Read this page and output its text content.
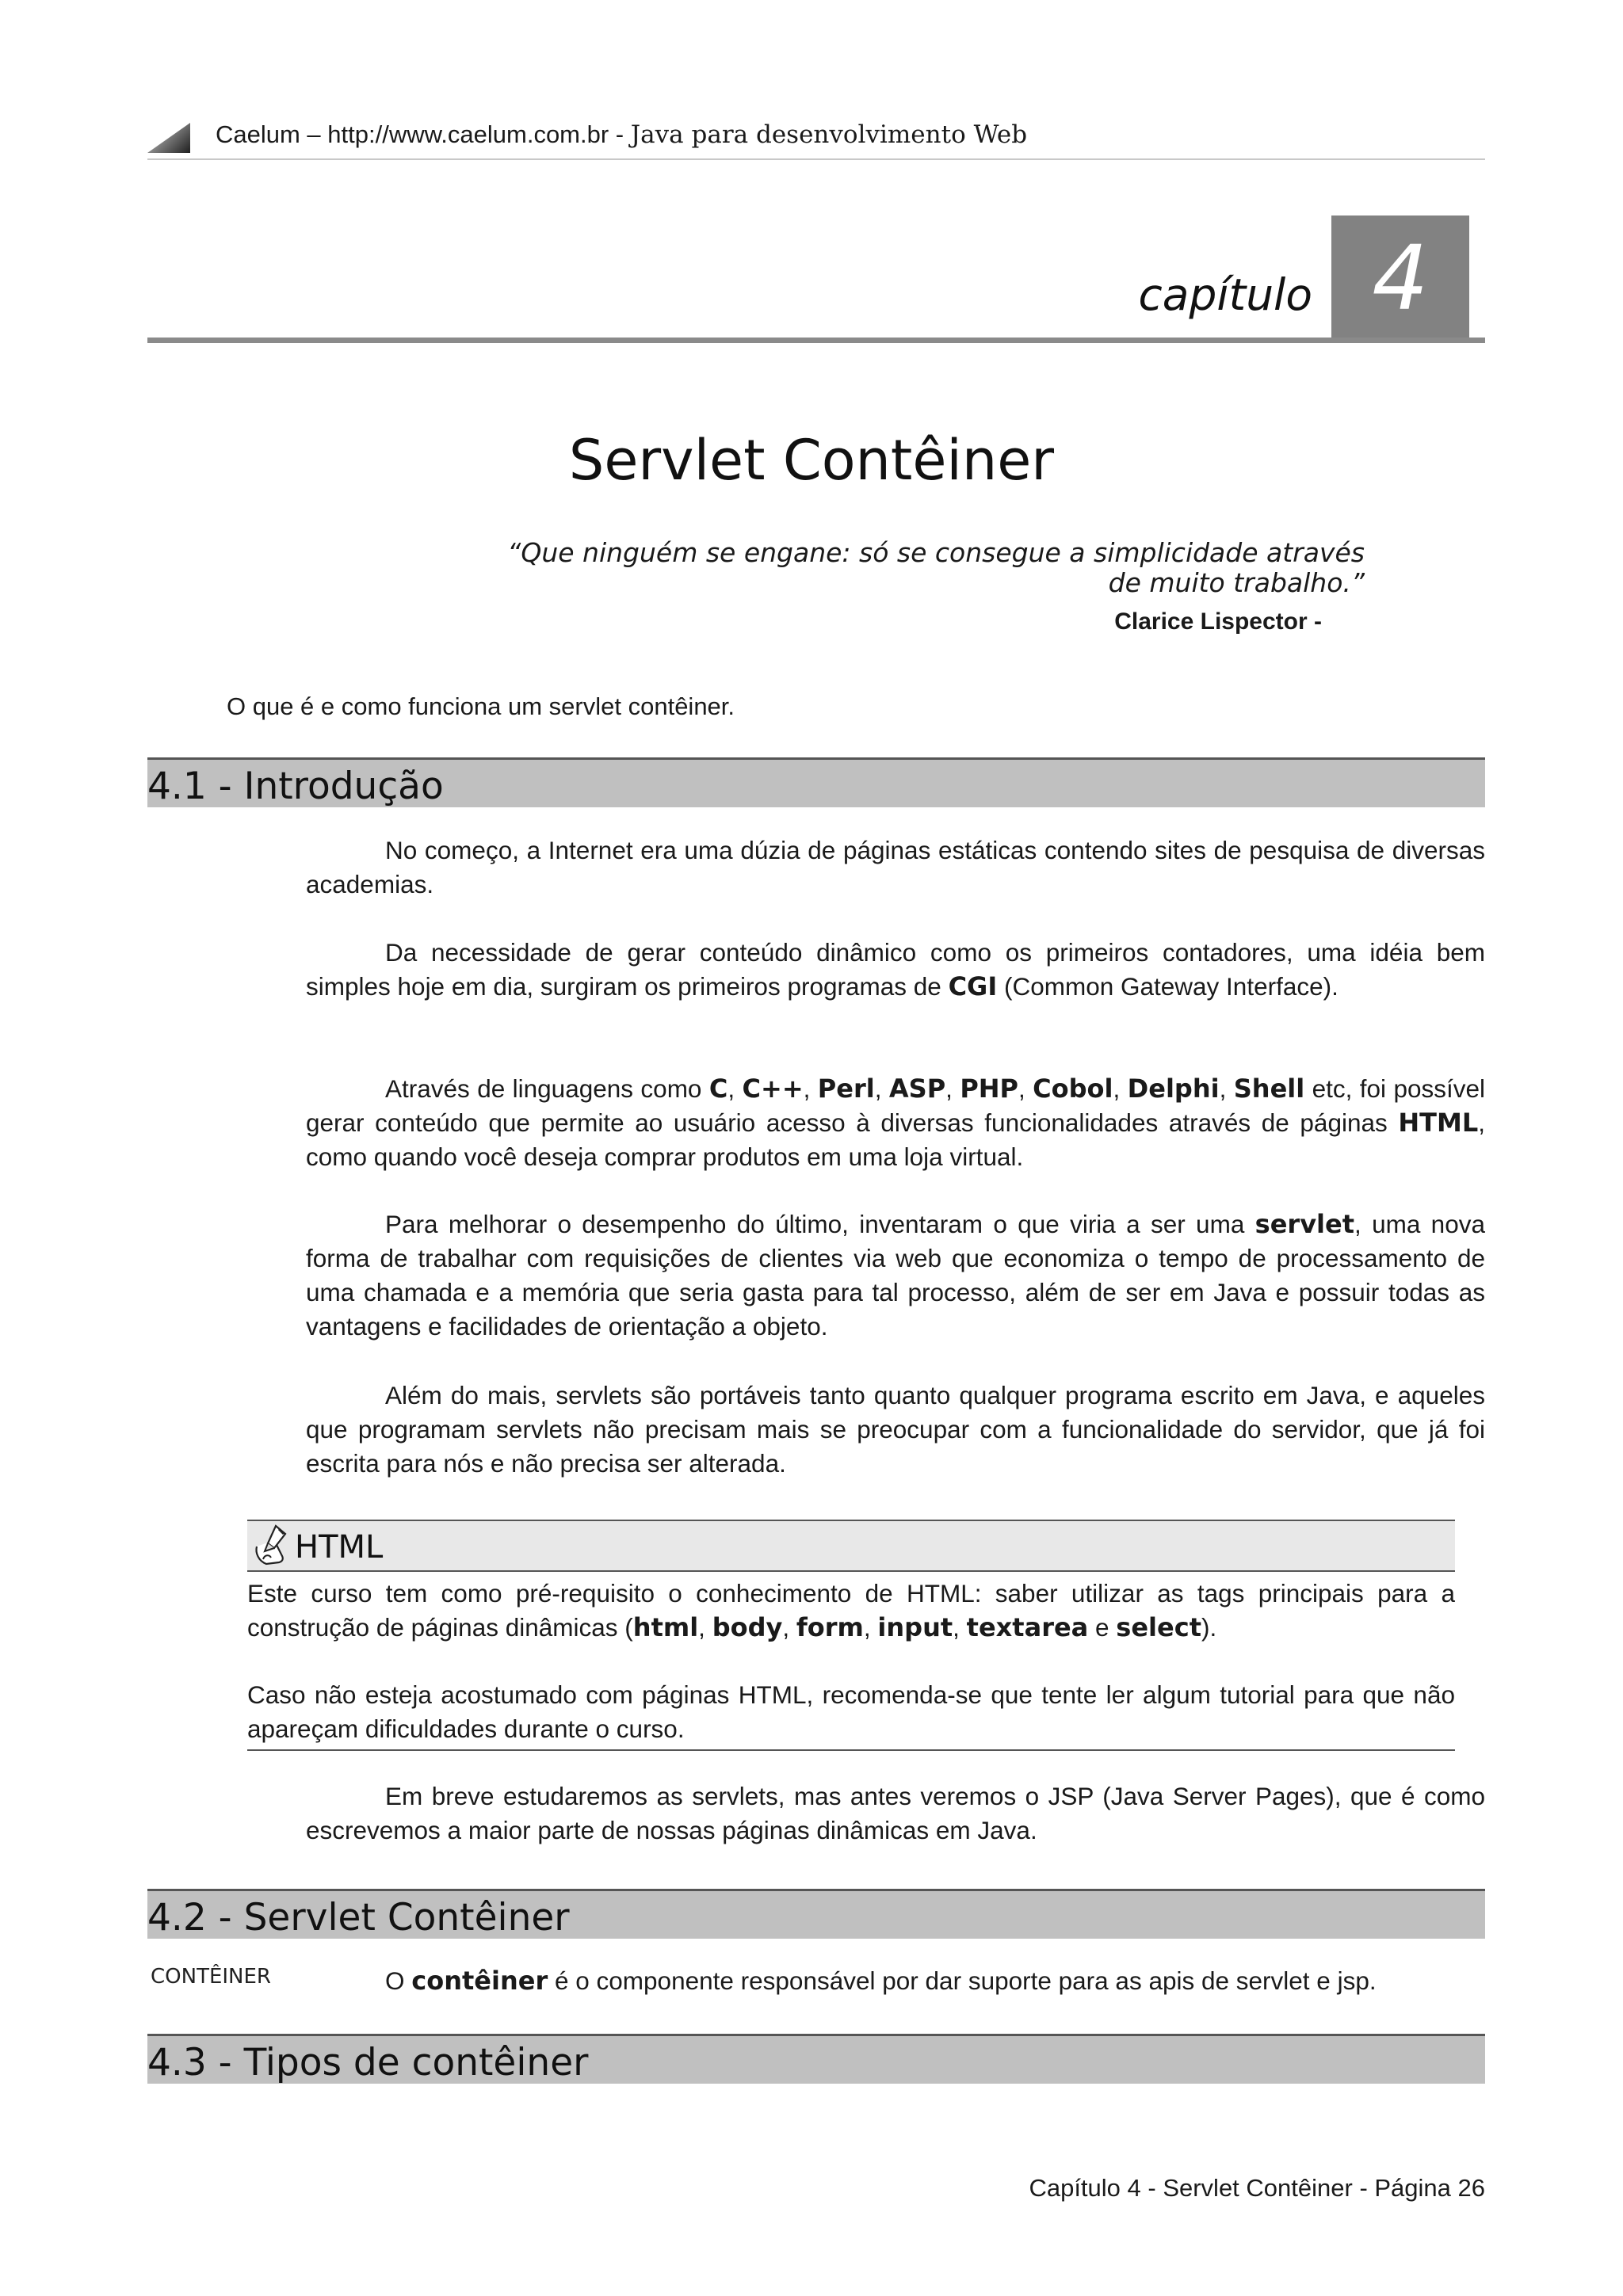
Caelum – http://www.caelum.com.br - Java para desenvolvimento Web
capítulo 4
Servlet Contêiner
“Que ninguém se engane: só se consegue a simplicidade através
de muito trabalho.”
Clarice Lispector -
O que é e como funciona um servlet contêiner.
4.1 - Introdução

No começo, a Internet era uma dúzia de páginas estáticas contendo sites de pesquisa de diversas academias.

Da necessidade de gerar conteúdo dinâmico como os primeiros contadores, uma idéia bem simples hoje em dia, surgiram os primeiros programas de CGI (Common Gateway Interface).

Através de linguagens como C, C++, Perl, ASP, PHP, Cobol, Delphi, Shell etc, foi possível gerar conteúdo que permite ao usuário acesso à diversas funcionalidades através de páginas HTML, como quando você deseja comprar produtos em uma loja virtual.

Para melhorar o desempenho do último, inventaram o que viria a ser uma servlet, uma nova forma de trabalhar com requisições de clientes via web que economiza o tempo de processamento de uma chamada e a memória que seria gasta para tal processo, além de ser em Java e possuir todas as vantagens e facilidades de orientação a objeto.

Além do mais, servlets são portáveis tanto quanto qualquer programa escrito em Java, e aqueles que programam servlets não precisam mais se preocupar com a funcionalidade do servidor, que já foi escrita para nós e não precisa ser alterada.

HTML

Este curso tem como pré-requisito o conhecimento de HTML: saber utilizar as tags principais para a construção de páginas dinâmicas (html, body, form, input, textarea e select).

Caso não esteja acostumado com páginas HTML, recomenda-se que tente ler algum tutorial para que não apareçam dificuldades durante o curso.

Em breve estudaremos as servlets, mas antes veremos o JSP (Java Server Pages), que é como escrevemos a maior parte de nossas páginas dinâmicas em Java.

4.2 - Servlet Contêiner
CONTÊINER	O contêiner é o componente responsável por dar suporte para as apis de servlet e jsp.

4.3 - Tipos de contêiner
Capítulo 4 - Servlet Contêiner - Página 26
